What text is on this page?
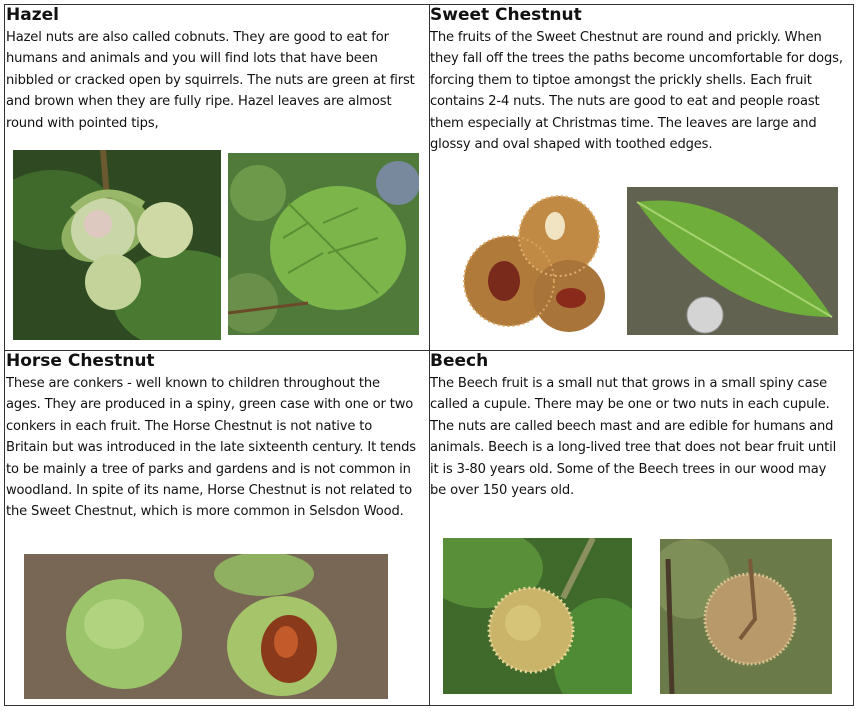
Hazel

Hazel nuts are also called cobnuts. They are good to eat for humans and animals and you will find lots that have been nibbled or cracked open by squirrels. The nuts are green at first and brown when they are fully ripe. Hazel leaves are almost round with pointed tips,

Sweet Chestnut

The fruits of the Sweet Chestnut are round and prickly. When they fall off the trees the paths become uncomfortable for dogs, forcing them to tiptoe amongst the prickly shells. Each fruit contains 2-4 nuts. The nuts are good to eat and people roast them especially at Christmas time. The leaves are large and glossy and oval shaped with toothed edges.

Horse Chestnut

These are conkers - well known to children throughout the ages. They are produced in a spiny, green case with one or two conkers in each fruit. The Horse Chestnut is not native to Britain but was introduced in the late sixteenth century. It tends to be mainly a tree of parks and gardens and is not common in woodland. In spite of its name, Horse Chestnut is not related to the Sweet Chestnut, which is more common in Selsdon Wood.

Beech

The Beech fruit is a small nut that grows in a small spiny case called a cupule. There may be one or two nuts in each cupule. The nuts are called beech mast and are edible for humans and animals. Beech is a long-lived tree that does not bear fruit until it is 3-80 years old. Some of the Beech trees in our wood may be over 150 years old.
